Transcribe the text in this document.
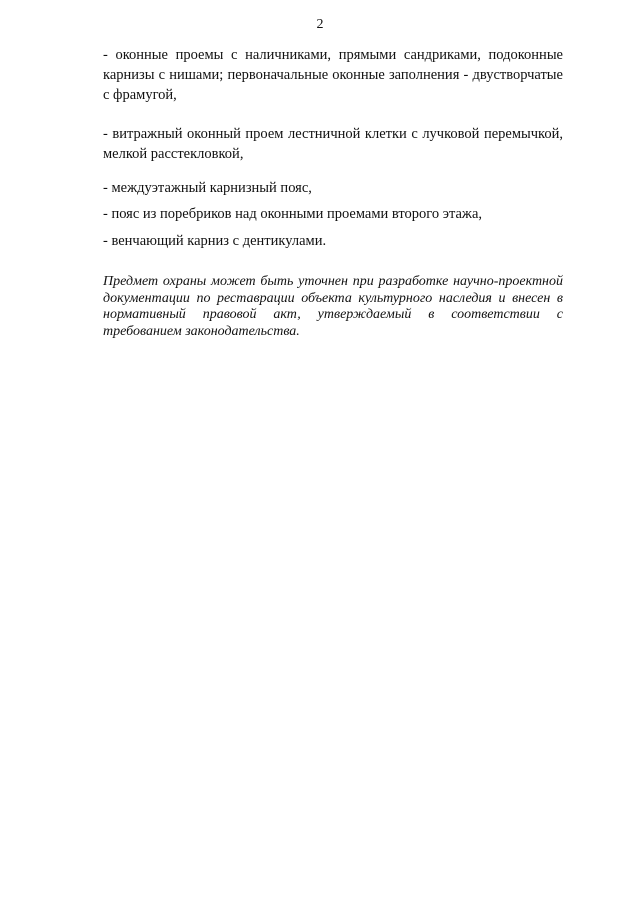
2
- оконные проемы с наличниками, прямыми сандриками, подоконные карнизы с нишами; первоначальные оконные заполнения - двустворчатые с фрамугой,
- витражный оконный проем лестничной клетки с лучковой перемычкой, мелкой расстекловкой,
- междуэтажный карнизный пояс,
- пояс из поребриков над оконными проемами второго этажа,
- венчающий карниз с дентикулами.
Предмет охраны может быть уточнен при разработке научно-проектной документации по реставрации объекта культурного наследия и внесен в нормативный правовой акт, утверждаемый в соответствии с требованием законодательства.
